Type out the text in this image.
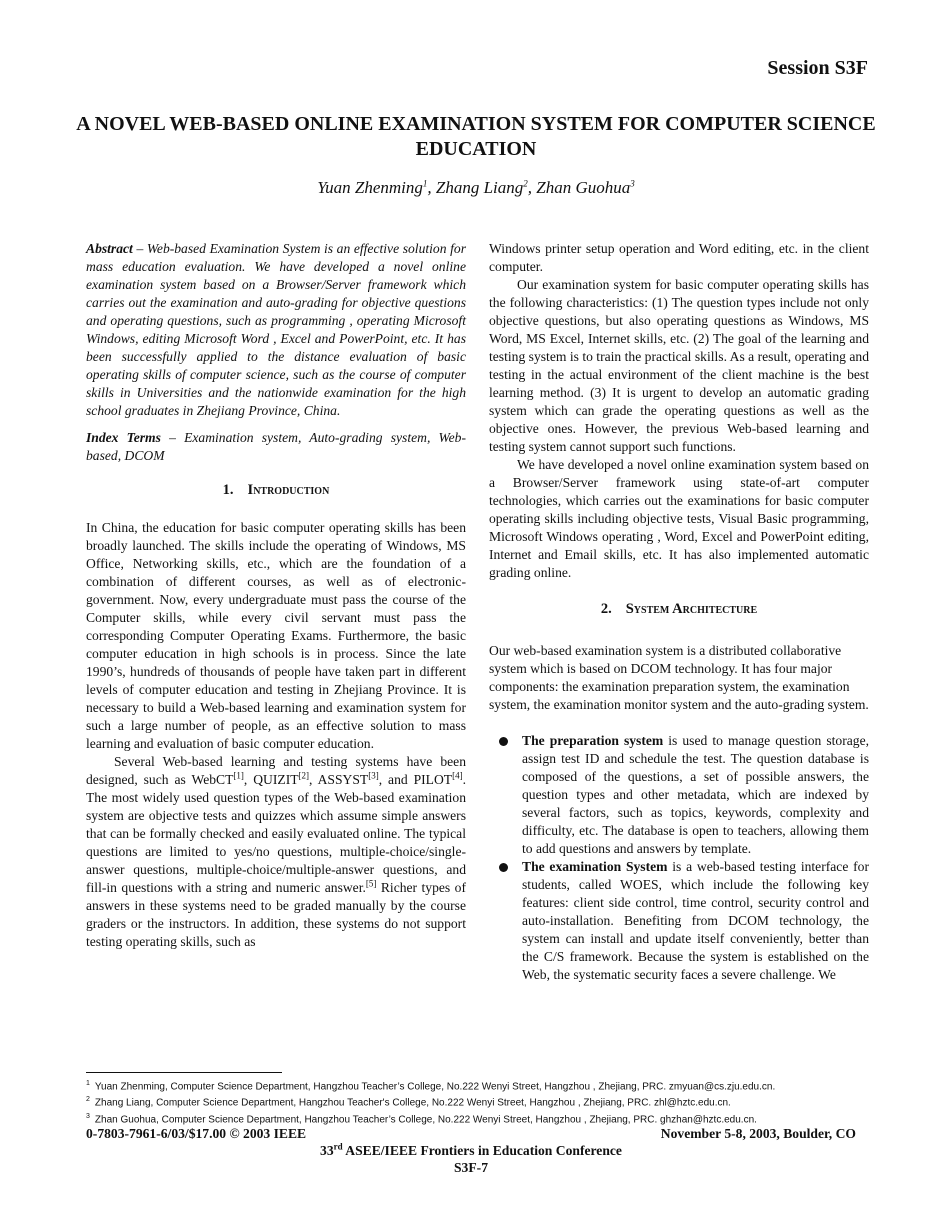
Session S3F
A NOVEL WEB-BASED ONLINE EXAMINATION SYSTEM FOR COMPUTER SCIENCE EDUCATION
Yuan Zhenming$^1$, Zhang Liang$^2$, Zhan Guohua$^3$

Abstract – Web-based Examination System is an effective solution for mass education evaluation. We have developed a novel online examination system based on a Browser/Server framework which carries out the examination and auto-grading for objective questions and operating questions, such as programming , operating Microsoft Windows, editing Microsoft Word , Excel and PowerPoint, etc. It has been successfully applied to the distance evaluation of basic operating skills of computer science, such as the course of computer skills in Universities and the nationwide examination for the high school graduates in Zhejiang Province, China.

Index Terms – Examination system, Auto-grading system, Web-based, DCOM

1. Introduction

In China, the education for basic computer operating skills has been broadly launched. The skills include the operating of Windows, MS Office, Networking skills, etc., which are the foundation of a combination of different courses, as well as of electronic-government. Now, every undergraduate must pass the course of the Computer skills, while every civil servant must pass the corresponding Computer Operating Exams. Furthermore, the basic computer education in high schools is in process. Since the late 1990’s, hundreds of thousands of people have taken part in different levels of computer education and testing in Zhejiang Province. It is necessary to build a Web-based learning and examination system for such a large number of people, as an effective solution to mass learning and evaluation of basic computer education.

Several Web-based learning and testing systems have been designed, such as WebCT[1], QUIZIT[2], ASSYST[3], and PILOT[4]. The most widely used question types of the Web-based examination system are objective tests and quizzes which assume simple answers that can be formally checked and easily evaluated online. The typical questions are limited to yes/no questions, multiple-choice/single-answer questions, multiple-choice/multiple-answer questions, and fill-in questions with a string and numeric answer.[5] Richer types of answers in these systems need to be graded manually by the course graders or the instructors. In addition, these systems do not support testing operating skills, such as

Windows printer setup operation and Word editing, etc. in the client computer.

Our examination system for basic computer operating skills has the following characteristics: (1) The question types include not only objective questions, but also operating questions as Windows, MS Word, MS Excel, Internet skills, etc. (2) The goal of the learning and testing system is to train the practical skills. As a result, operating and testing in the actual environment of the client machine is the best learning method. (3) It is urgent to develop an automatic grading system which can grade the operating questions as well as the objective ones. However, the previous Web-based learning and testing system cannot support such functions.

We have developed a novel online examination system based on a Browser/Server framework using state-of-art computer technologies, which carries out the examinations for basic computer operating skills including objective tests, Visual Basic programming, Microsoft Windows operating , Word, Excel and PowerPoint editing, Internet and Email skills, etc. It has also implemented automatic grading online.

2. System Architecture

Our web-based examination system is a distributed collaborative system which is based on DCOM technology. It has four major components: the examination preparation system, the examination system, the examination monitor system and the auto-grading system.

The preparation system is used to manage question storage, assign test ID and schedule the test. The question database is composed of the questions, a set of possible answers, the question types and other metadata, which are indexed by several factors, such as topics, keywords, complexity and difficulty, etc. The database is open to teachers, allowing them to add questions and answers by template.
The examination System is a web-based testing interface for students, called WOES, which include the following key features: client side control, time control, security control and auto-installation. Benefiting from DCOM technology, the system can install and update itself conveniently, better than the C/S framework. Because the system is established on the Web, the systematic security faces a severe challenge. We
$^1$ Yuan Zhenming, Computer Science Department, Hangzhou Teacher’s College, No.222 Wenyi Street, Hangzhou , Zhejiang, PRC. zmyuan@cs.zju.edu.cn.
$^2$ Zhang Liang, Computer Science Department, Hangzhou Teacher's College, No.222 Wenyi Street, Hangzhou , Zhejiang, PRC. zhl@hztc.edu.cn.
$^3$ Zhan Guohua, Computer Science Department, Hangzhou Teacher’s College, No.222 Wenyi Street, Hangzhou , Zhejiang, PRC. ghzhan@hztc.edu.cn.
0-7803-7961-6/03/$17.00 © 2003 IEEE	November 5-8, 2003, Boulder, CO
33rd ASEE/IEEE Frontiers in Education Conference
S3F-7
